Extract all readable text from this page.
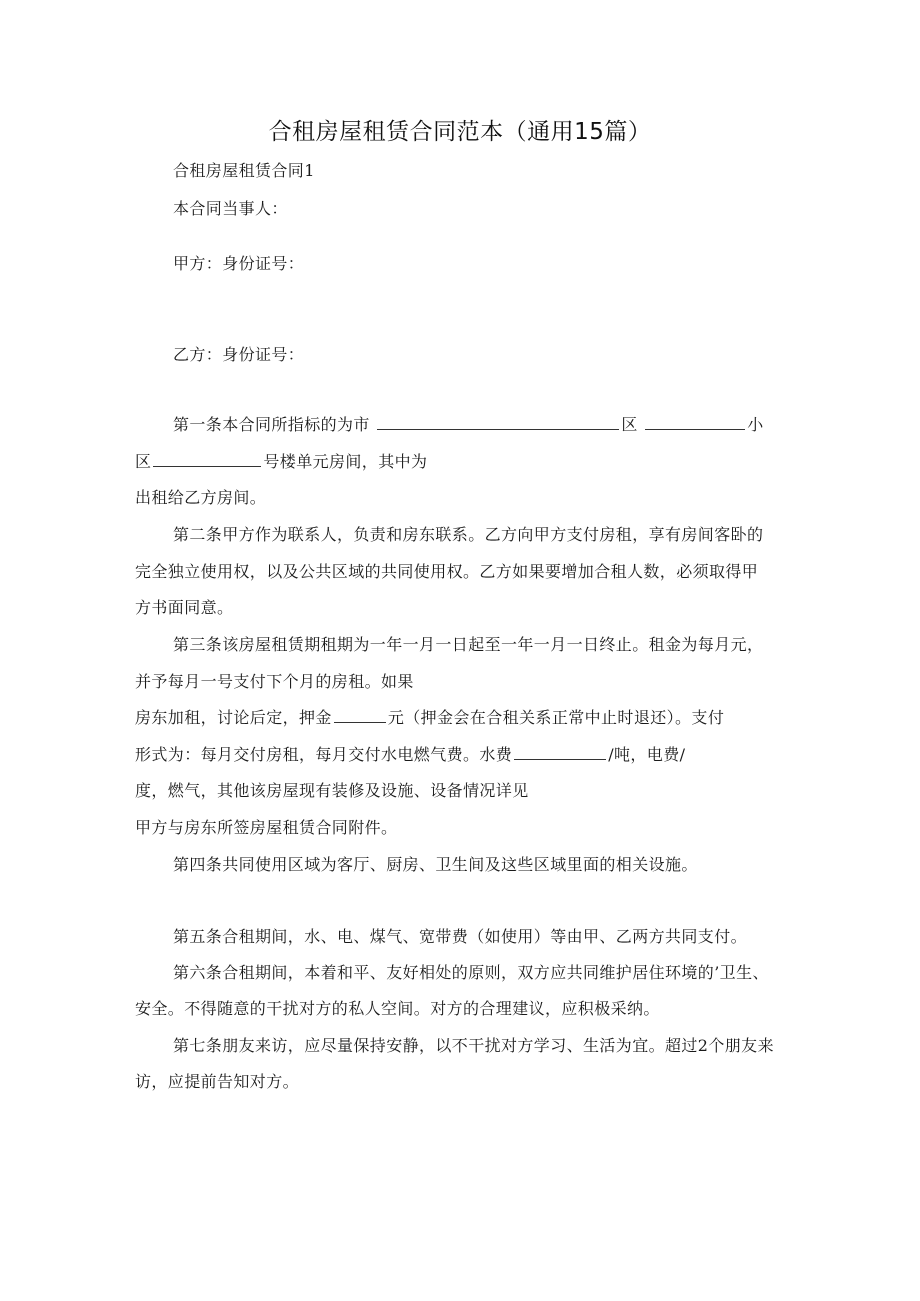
合租房屋租赁合同范本（通用15篇）
合租房屋租赁合同1
本合同当事人：
甲方：身份证号：
乙方：身份证号：
第一条本合同所指标的为市	区	小
区	号楼单元房间，其中为
出租给乙方房间。
第二条甲方作为联系人，负责和房东联系。乙方向甲方支付房租，享有房间客卧的
完全独立使用权，以及公共区域的共同使用权。乙方如果要增加合租人数，必须取得甲
方书面同意。
第三条该房屋租赁期租期为一年一月一日起至一年一月一日终止。租金为每月元，
并予每月一号支付下个月的房租。如果
房东加租，讨论后定，押金	元（押金会在合租关系正常中止时退还）。支付
形式为：每月交付房租，每月交付水电燃气费。水费	/吨，电费/
度，燃气，其他该房屋现有装修及设施、设备情况详见
甲方与房东所签房屋租赁合同附件。
第四条共同使用区域为客厅、厨房、卫生间及这些区域里面的相关设施。
第五条合租期间，水、电、煤气、宽带费（如使用）等由甲、乙两方共同支付。
第六条合租期间，本着和平、友好相处的原则，双方应共同维护居住环境的’卫生、
安全。不得随意的干扰对方的私人空间。对方的合理建议，应积极采纳。
第七条朋友来访，应尽量保持安静，以不干扰对方学习、生活为宜。超过2个朋友来
访，应提前告知对方。
